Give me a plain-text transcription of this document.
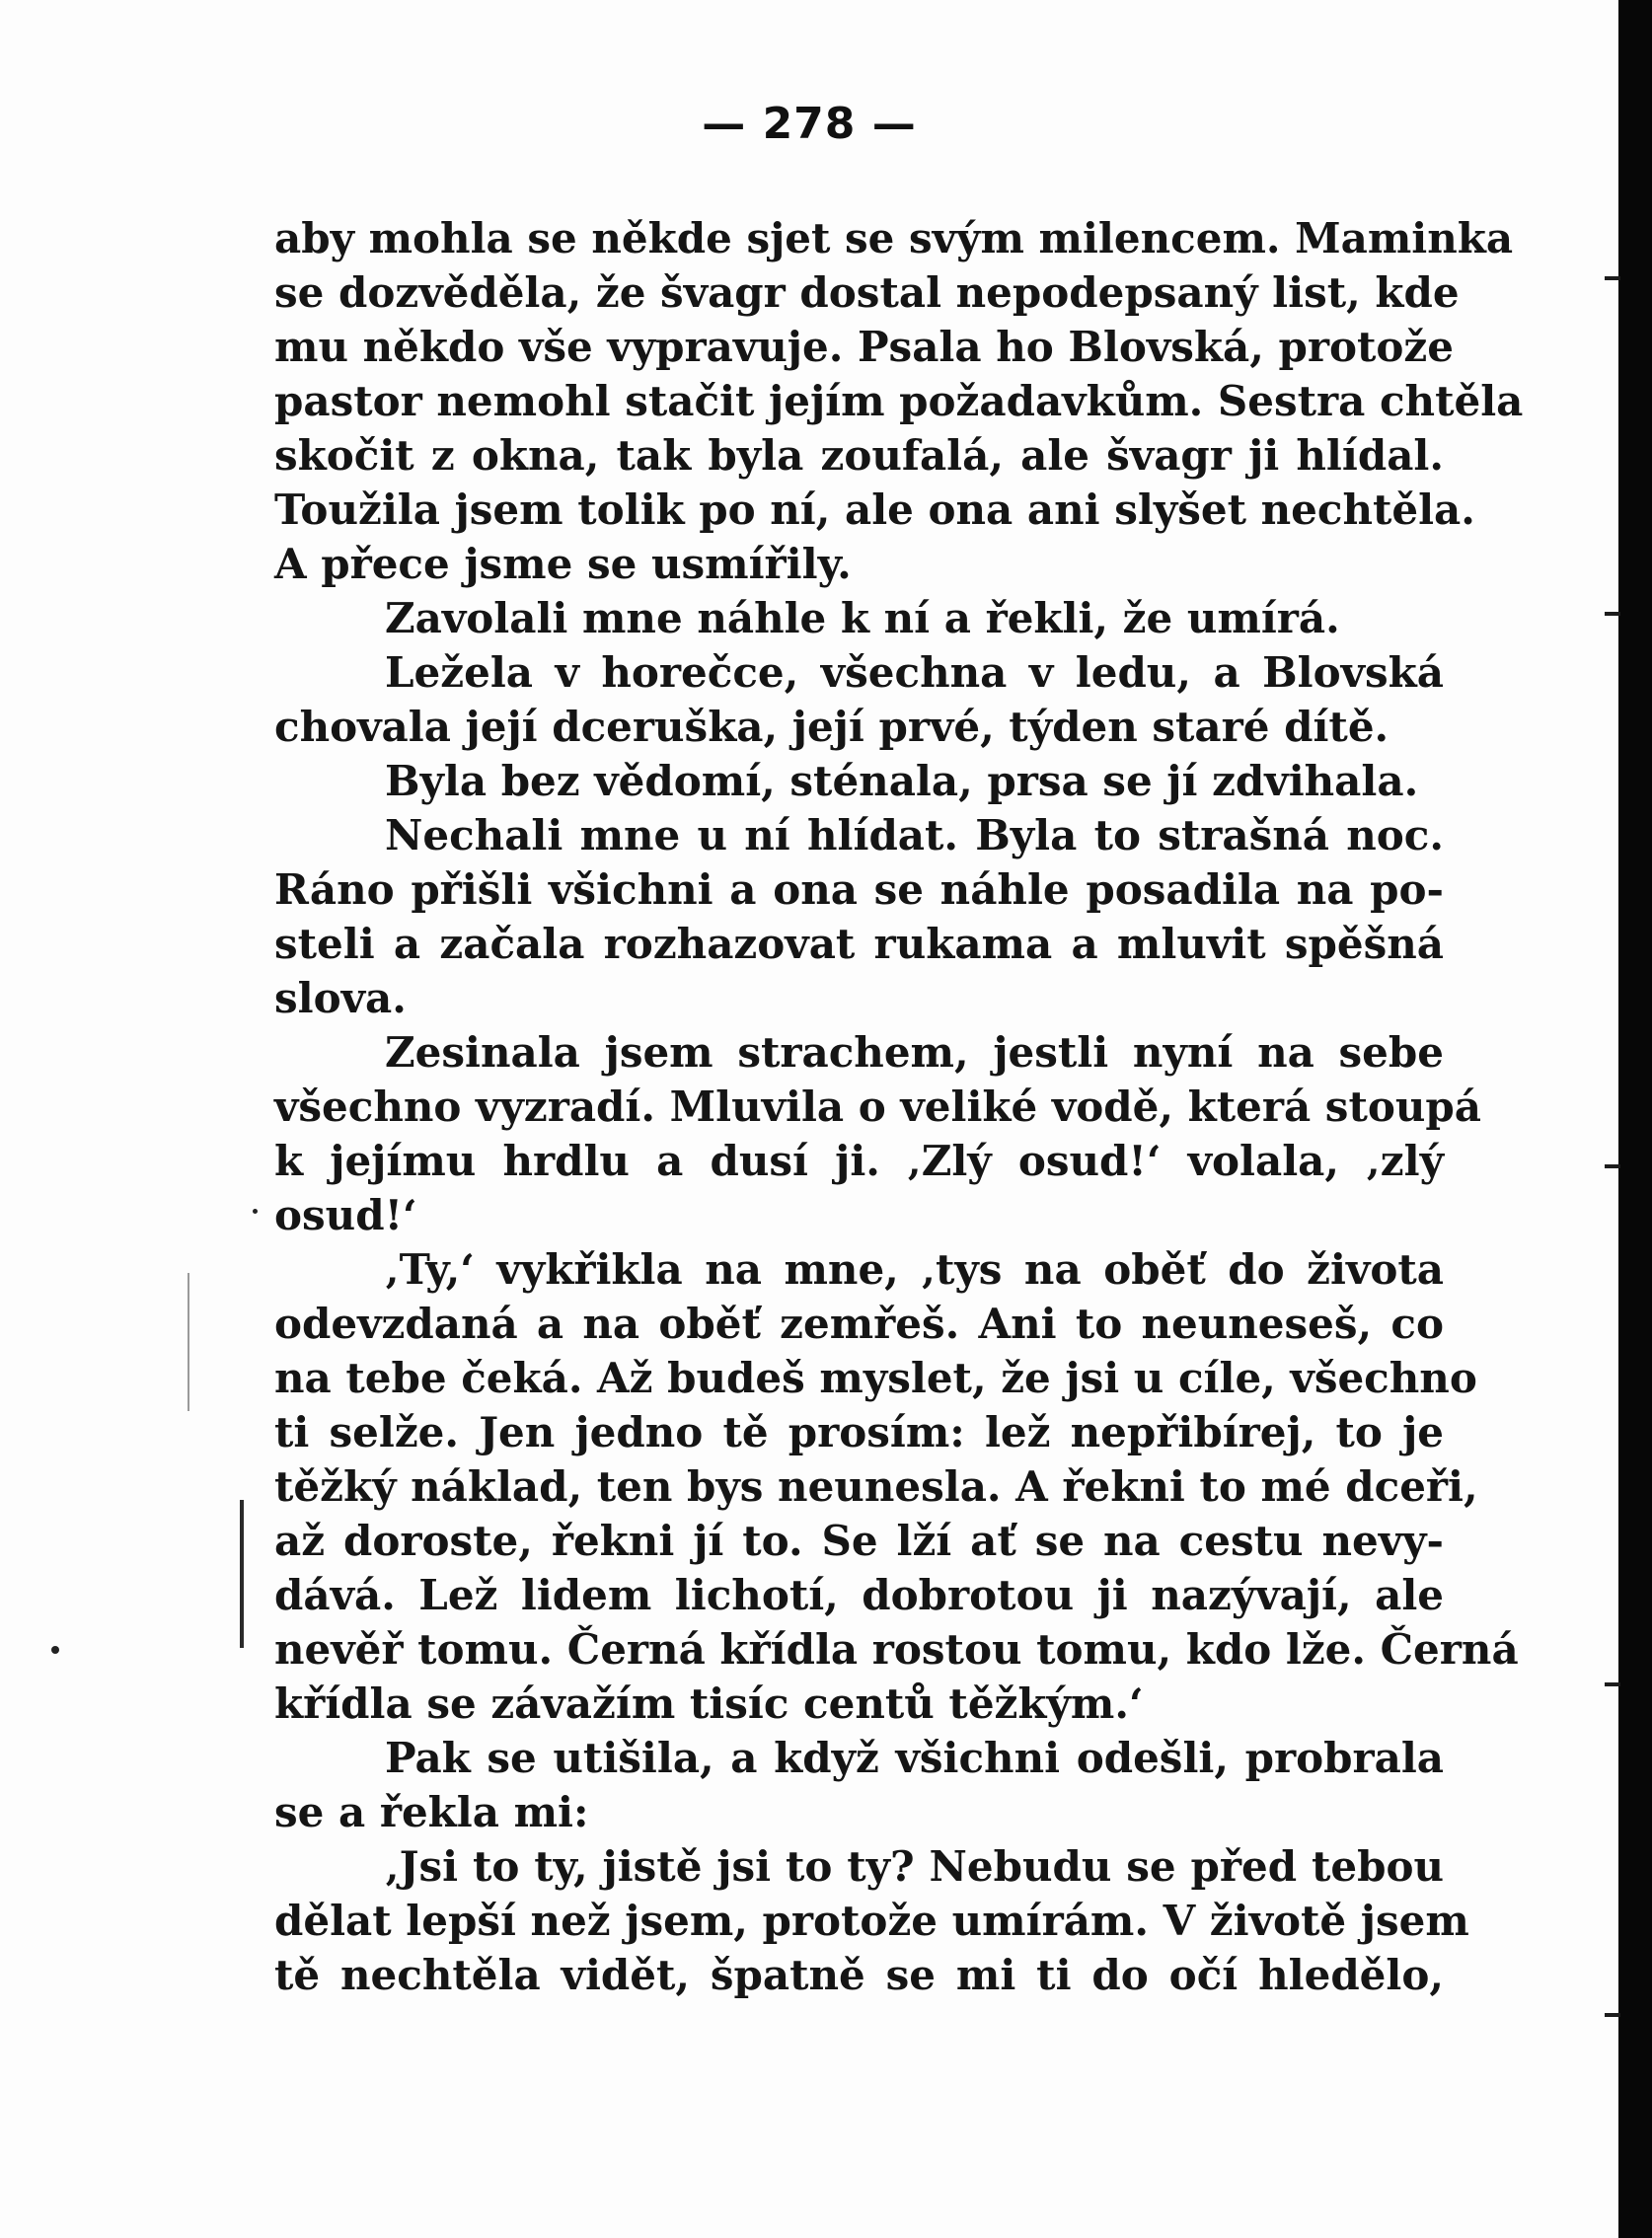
— 278 —
aby mohla se někde sjet se svým milencem. Maminka
se dozvěděla, že švagr dostal nepodepsaný list, kde
mu někdo vše vypravuje. Psala ho Blovská, protože
pastor nemohl stačit jejím požadavkům. Sestra chtěla
skočit z okna, tak byla zoufalá, ale švagr ji hlídal.
Toužila jsem tolik po ní, ale ona ani slyšet nechtěla.
A přece jsme se usmířily.
Zavolali mne náhle k ní a řekli, že umírá.
Ležela v horečce, všechna v ledu, a Blovská
chovala její dceruška, její prvé, týden staré dítě.
Byla bez vědomí, sténala, prsa se jí zdvihala.
Nechali mne u ní hlídat. Byla to strašná noc.
Ráno přišli všichni a ona se náhle posadila na po-
steli a začala rozhazovat rukama a mluvit spěšná
slova.
Zesinala jsem strachem, jestli nyní na sebe
všechno vyzradí. Mluvila o veliké vodě, která stoupá
k jejímu hrdlu a dusí ji. ‚Zlý osud!‘ volala, ‚zlý
osud!‘
‚Ty,‘ vykřikla na mne, ‚tys na oběť do života
odevzdaná a na oběť zemřeš. Ani to neuneseš, co
na tebe čeká. Až budeš myslet, že jsi u cíle, všechno
ti selže. Jen jedno tě prosím: lež nepřibírej, to je
těžký náklad, ten bys neunesla. A řekni to mé dceři,
až doroste, řekni jí to. Se lží ať se na cestu nevy-
dává. Lež lidem lichotí, dobrotou ji nazývají, ale
nevěř tomu. Černá křídla rostou tomu, kdo lže. Černá
křídla se závažím tisíc centů těžkým.‘
Pak se utišila, a když všichni odešli, probrala
se a řekla mi:
‚Jsi to ty, jistě jsi to ty? Nebudu se před tebou
dělat lepší než jsem, protože umírám. V životě jsem
tě nechtěla vidět, špatně se mi ti do očí hledělo,
